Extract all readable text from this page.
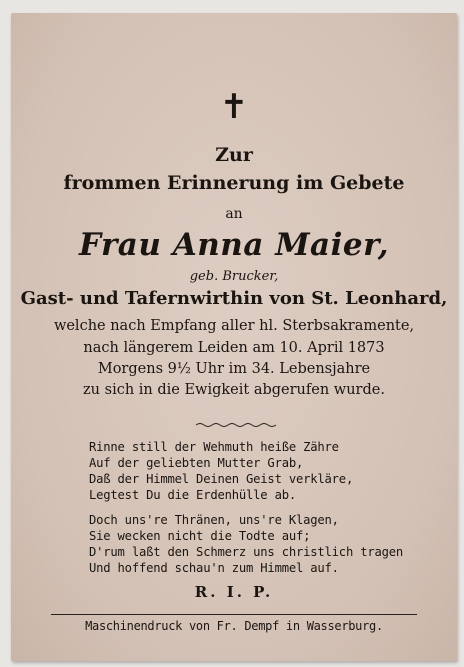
✝
Zur
frommen Erinnerung im Gebete
an
Frau Anna Maier,
geb. Brucker,
Gast- und Tafernwirthin von St. Leonhard,
welche nach Empfang aller hl. Sterbsakramente,
nach längerem Leiden am 10. April 1873
Morgens 9½ Uhr im 34. Lebensjahre
zu sich in die Ewigkeit abgerufen wurde.
Rinne still der Wehmuth heiße Zähre
Auf der geliebten Mutter Grab,
Daß der Himmel Deinen Geist verkläre,
Legtest Du die Erdenhülle ab.
Doch uns're Thränen, uns're Klagen,
Sie wecken nicht die Todte auf;
D'rum laßt den Schmerz uns christlich tragen
Und hoffend schau'n zum Himmel auf.
R. I. P.
Maschinendruck von Fr. Dempf in Wasserburg.
